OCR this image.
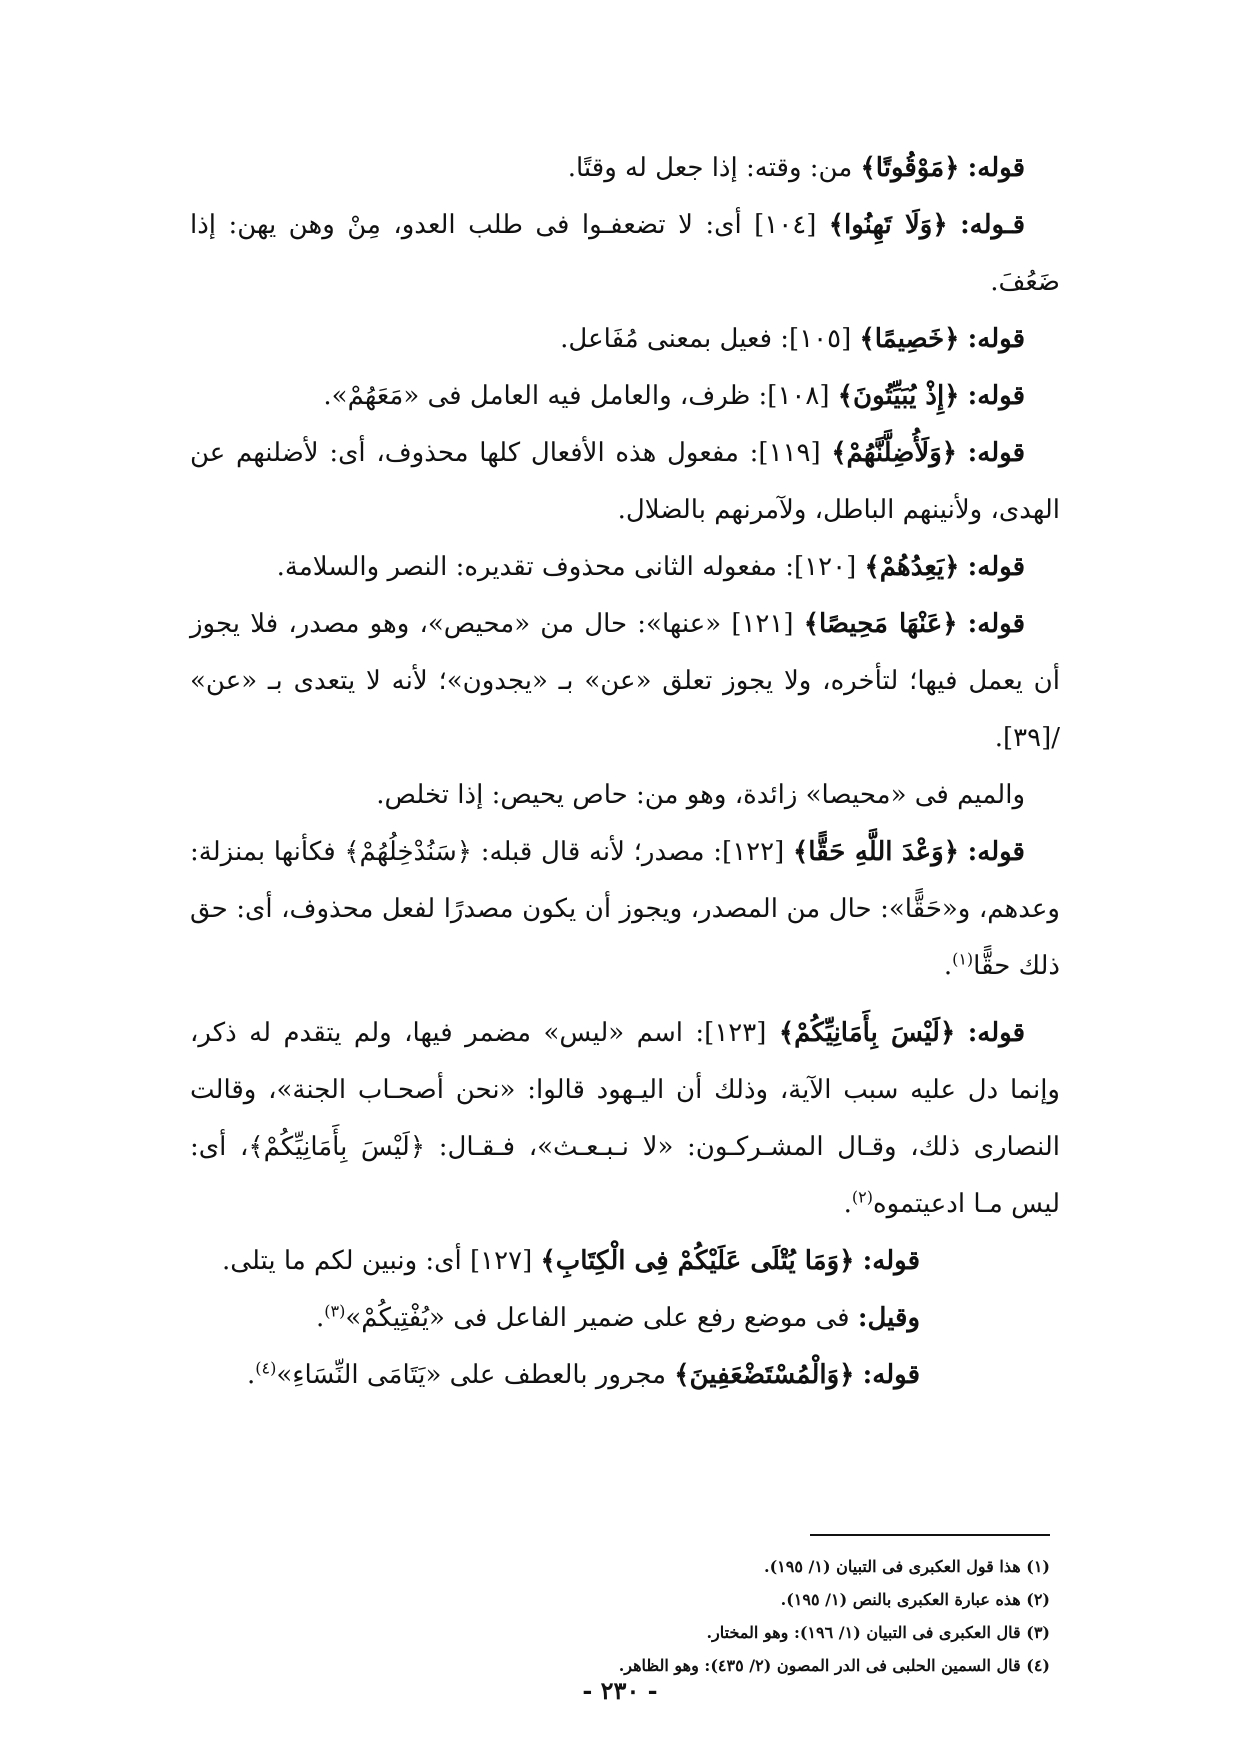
قوله: ﴿مَوْقُوتًا﴾ من: وقته: إذا جعل له وقتًا.

قـوله: ﴿وَلَا تَهِنُوا﴾ [١٠٤] أى: لا تضعفـوا فى طلب العدو، مِنْ وهن يهن: إذا ضَعُفَ.

قوله: ﴿خَصِيمًا﴾ [١٠٥]: فعيل بمعنى مُفَاعل.

قوله: ﴿إِذْ يُبَيِّتُونَ﴾ [١٠٨]: ظرف، والعامل فيه العامل فى «مَعَهُمْ».

قوله: ﴿وَلَأُضِلَّنَّهُمْ﴾ [١١٩]: مفعول هذه الأفعال كلها محذوف، أى: لأضلنهم عن الهدى، ولأنينهم الباطل، ولآمرنهم بالضلال.

قوله: ﴿يَعِدُهُمْ﴾ [١٢٠]: مفعوله الثانى محذوف تقديره: النصر والسلامة.

قوله: ﴿عَنْهَا مَحِيصًا﴾ [١٢١] «عنها»: حال من «محيص»، وهو مصدر، فلا يجوز أن يعمل فيها؛ لتأخره، ولا يجوز تعلق «عن» بـ «يجدون»؛ لأنه لا يتعدى بـ «عن» /[٣٩].

والميم فى «محيصا» زائدة، وهو من: حاص يحيص: إذا تخلص.

قوله: ﴿وَعْدَ اللَّهِ حَقًّا﴾ [١٢٢]: مصدر؛ لأنه قال قبله: ﴿سَنُدْخِلُهُمْ﴾ فكأنها بمنزلة: وعدهم، و«حَقًّا»: حال من المصدر، ويجوز أن يكون مصدرًا لفعل محذوف، أى: حق ذلك حقًّا$^{(١)}$.

قوله: ﴿لَيْسَ بِأَمَانِيِّكُمْ﴾ [١٢٣]: اسم «ليس» مضمر فيها، ولم يتقدم له ذكر، وإنما دل عليه سبب الآية، وذلك أن اليـهود قالوا: «نحن أصحـاب الجنة»، وقالت النصارى ذلك، وقـال المشـركـون: «لا نـبـعـث»، فـقـال: ﴿لَيْسَ بِأَمَانِيِّكُمْ﴾، أى: ليس مـا ادعيتموه$^{(٢)}$.

قوله: ﴿وَمَا يُتْلَى عَلَيْكُمْ فِى الْكِتَابِ﴾ [١٢٧] أى: ونبين لكم ما يتلى.

وقيل: فى موضع رفع على ضمير الفاعل فى «يُفْتِيكُمْ»$^{(٣)}$.

قوله: ﴿وَالْمُسْتَضْعَفِينَ﴾ مجرور بالعطف على «يَتَامَى النِّسَاءِ»$^{(٤)}$.

(١) هذا قول العكبرى فى التبيان (١/ ١٩٥).

(٢) هذه عبارة العكبرى بالنص (١/ ١٩٥).

(٣) قال العكبرى فى التبيان (١/ ١٩٦): وهو المختار.

(٤) قال السمين الحلبى فى الدر المصون (٢/ ٤٣٥): وهو الظاهر.

- ٢٣٠ -
